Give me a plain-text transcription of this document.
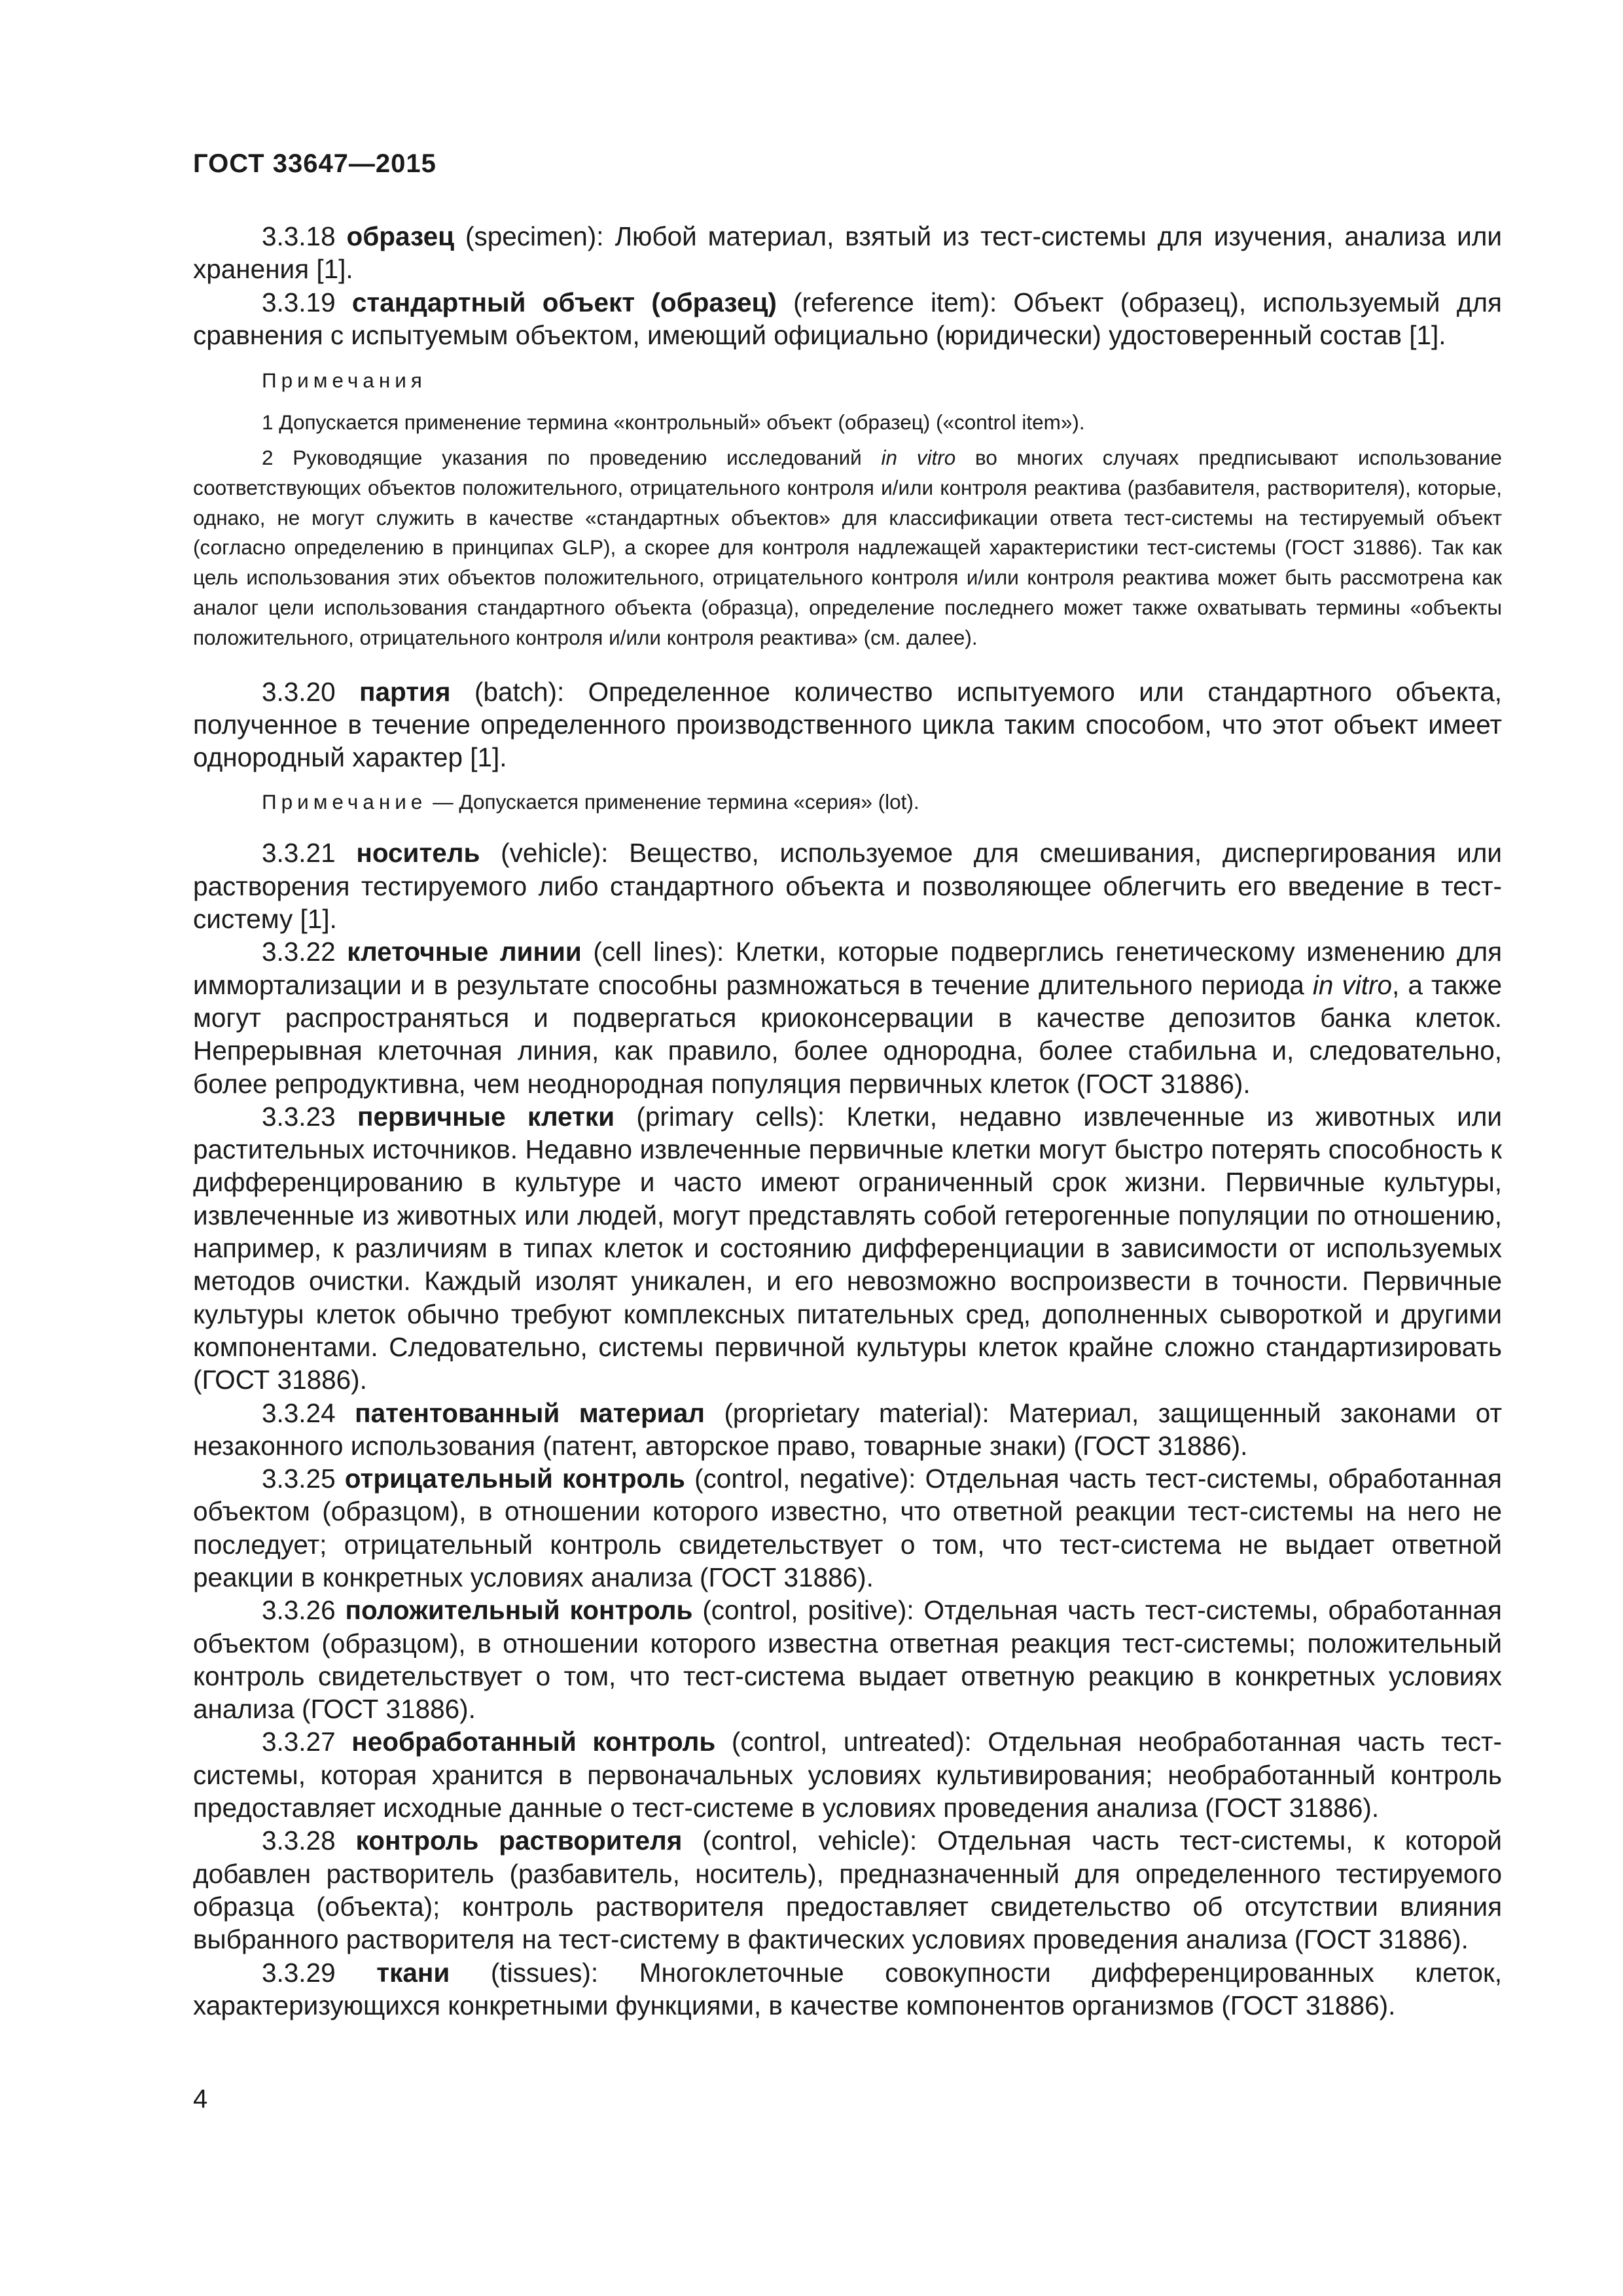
ГОСТ 33647—2015

3.3.18 образец (specimen): Любой материал, взятый из тест-системы для изучения, анализа или хранения [1].

3.3.19 стандартный объект (образец) (reference item): Объект (образец), используемый для сравнения с испытуемым объектом, имеющий официально (юридически) удостоверенный состав [1].

Примечания

1 Допускается применение термина «контрольный» объект (образец) («control item»).

2 Руководящие указания по проведению исследований in vitro во многих случаях предписывают использование соответствующих объектов положительного, отрицательного контроля и/или контроля реактива (разбавителя, растворителя), которые, однако, не могут служить в качестве «стандартных объектов» для классификации ответа тест-системы на тестируемый объект (согласно определению в принципах GLP), а скорее для контроля надлежащей характеристики тест-системы (ГОСТ 31886). Так как цель использования этих объектов положительного, отрицательного контроля и/или контроля реактива может быть рассмотрена как аналог цели использования стандартного объекта (образца), определение последнего может также охватывать термины «объекты положительного, отрицательного контроля и/или контроля реактива» (см. далее).

3.3.20 партия (batch): Определенное количество испытуемого или стандартного объекта, полученное в течение определенного производственного цикла таким способом, что этот объект имеет однородный характер [1].

Примечание — Допускается применение термина «серия» (lot).

3.3.21 носитель (vehicle): Вещество, используемое для смешивания, диспергирования или растворения тестируемого либо стандартного объекта и позволяющее облегчить его введение в тест-систему [1].

3.3.22 клеточные линии (cell lines): Клетки, которые подверглись генетическому изменению для иммортализации и в результате способны размножаться в течение длительного периода in vitro, а также могут распространяться и подвергаться криоконсервации в качестве депозитов банка клеток. Непрерывная клеточная линия, как правило, более однородна, более стабильна и, следовательно, более репродуктивна, чем неоднородная популяция первичных клеток (ГОСТ 31886).

3.3.23 первичные клетки (primary cells): Клетки, недавно извлеченные из животных или растительных источников. Недавно извлеченные первичные клетки могут быстро потерять способность к дифференцированию в культуре и часто имеют ограниченный срок жизни. Первичные культуры, извлеченные из животных или людей, могут представлять собой гетерогенные популяции по отношению, например, к различиям в типах клеток и состоянию дифференциации в зависимости от используемых методов очистки. Каждый изолят уникален, и его невозможно воспроизвести в точности. Первичные культуры клеток обычно требуют комплексных питательных сред, дополненных сывороткой и другими компонентами. Следовательно, системы первичной культуры клеток крайне сложно стандартизировать (ГОСТ 31886).

3.3.24 патентованный материал (proprietary material): Материал, защищенный законами от незаконного использования (патент, авторское право, товарные знаки) (ГОСТ 31886).

3.3.25 отрицательный контроль (control, negative): Отдельная часть тест-системы, обработанная объектом (образцом), в отношении которого известно, что ответной реакции тест-системы на него не последует; отрицательный контроль свидетельствует о том, что тест-система не выдает ответной реакции в конкретных условиях анализа (ГОСТ 31886).

3.3.26 положительный контроль (control, positive): Отдельная часть тест-системы, обработанная объектом (образцом), в отношении которого известна ответная реакция тест-системы; положительный контроль свидетельствует о том, что тест-система выдает ответную реакцию в конкретных условиях анализа (ГОСТ 31886).

3.3.27 необработанный контроль (control, untreated): Отдельная необработанная часть тест-системы, которая хранится в первоначальных условиях культивирования; необработанный контроль предоставляет исходные данные о тест-системе в условиях проведения анализа (ГОСТ 31886).

3.3.28 контроль растворителя (control, vehicle): Отдельная часть тест-системы, к которой добавлен растворитель (разбавитель, носитель), предназначенный для определенного тестируемого образца (объекта); контроль растворителя предоставляет свидетельство об отсутствии влияния выбранного растворителя на тест-систему в фактических условиях проведения анализа (ГОСТ 31886).

3.3.29 ткани (tissues): Многоклеточные совокупности дифференцированных клеток, характеризующихся конкретными функциями, в качестве компонентов организмов (ГОСТ 31886).

4
